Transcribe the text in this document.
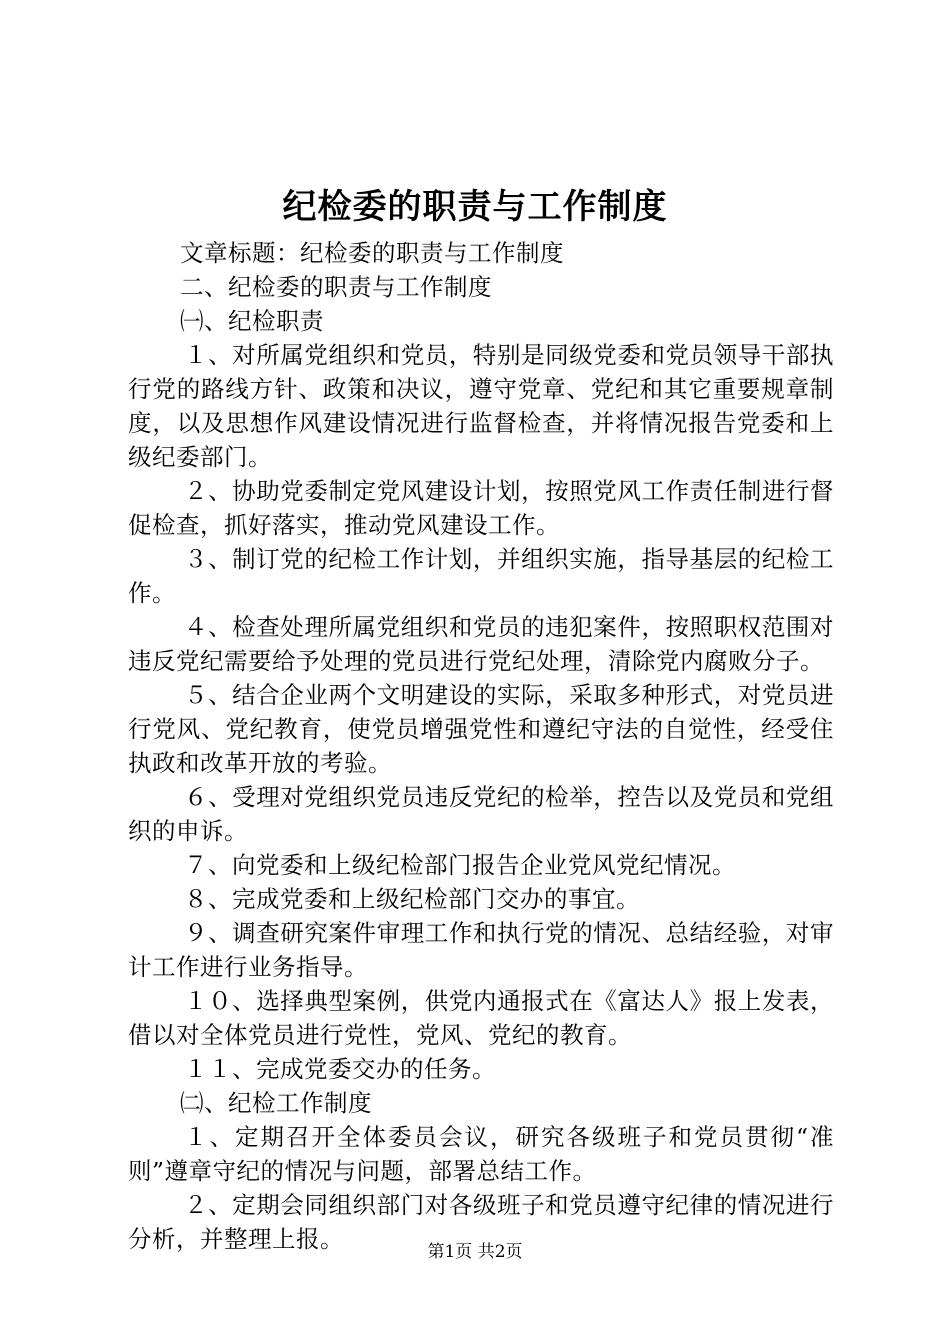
纪检委的职责与工作制度

文章标题：纪检委的职责与工作制度

二、纪检委的职责与工作制度

㈠、纪检职责

１、对所属党组织和党员，特别是同级党委和党员领导干部执行党的路线方针、政策和决议，遵守党章、党纪和其它重要规章制度，以及思想作风建设情况进行监督检查，并将情况报告党委和上级纪委部门。

２、协助党委制定党风建设计划，按照党风工作责任制进行督促检查，抓好落实，推动党风建设工作。

３、制订党的纪检工作计划，并组织实施，指导基层的纪检工作。

４、检查处理所属党组织和党员的违犯案件，按照职权范围对违反党纪需要给予处理的党员进行党纪处理，清除党内腐败分子。

５、结合企业两个文明建设的实际，采取多种形式，对党员进行党风、党纪教育，使党员增强党性和遵纪守法的自觉性，经受住执政和改革开放的考验。

６、受理对党组织党员违反党纪的检举，控告以及党员和党组织的申诉。

７、向党委和上级纪检部门报告企业党风党纪情况。

８、完成党委和上级纪检部门交办的事宜。

９、调查研究案件审理工作和执行党的情况、总结经验，对审计工作进行业务指导。

１０、选择典型案例，供党内通报式在《富达人》报上发表，借以对全体党员进行党性，党风、党纪的教育。

１１、完成党委交办的任务。

㈡、纪检工作制度

１、定期召开全体委员会议，研究各级班子和党员贯彻“准则”遵章守纪的情况与问题，部署总结工作。

２、定期会同组织部门对各级班子和党员遵守纪律的情况进行分析，并整理上报。	第1页 共2页
